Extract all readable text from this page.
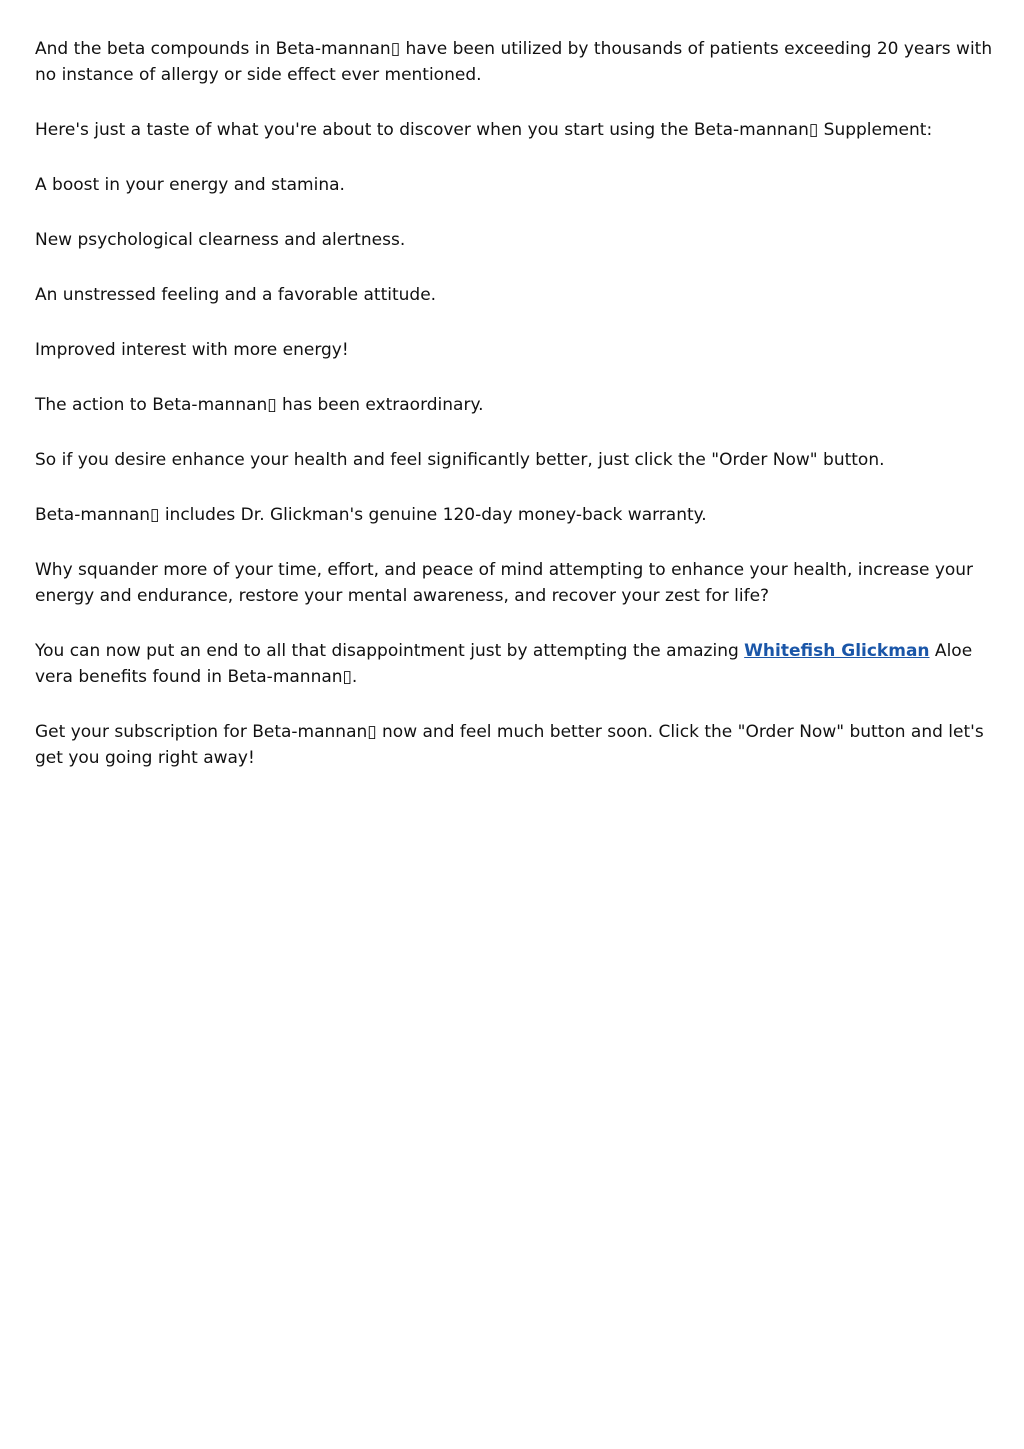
And the beta compounds in Beta-mannan▯ have been utilized by thousands of patients exceeding 20 years with no instance of allergy or side effect ever mentioned.

Here's just a taste of what you're about to discover when you start using the Beta-mannan▯ Supplement:

A boost in your energy and stamina.

New psychological clearness and alertness.

An unstressed feeling and a favorable attitude.

Improved interest with more energy!

The action to Beta-mannan▯ has been extraordinary.

So if you desire enhance your health and feel significantly better, just click the "Order Now" button.

Beta-mannan▯ includes Dr. Glickman's genuine 120-day money-back warranty.

Why squander more of your time, effort, and peace of mind attempting to enhance your health, increase your energy and endurance, restore your mental awareness, and recover your zest for life?

You can now put an end to all that disappointment just by attempting the amazing Whitefish Glickman Aloe vera benefits found in Beta-mannan▯.

Get your subscription for Beta-mannan▯ now and feel much better soon. Click the "Order Now" button and let's get you going right away!
